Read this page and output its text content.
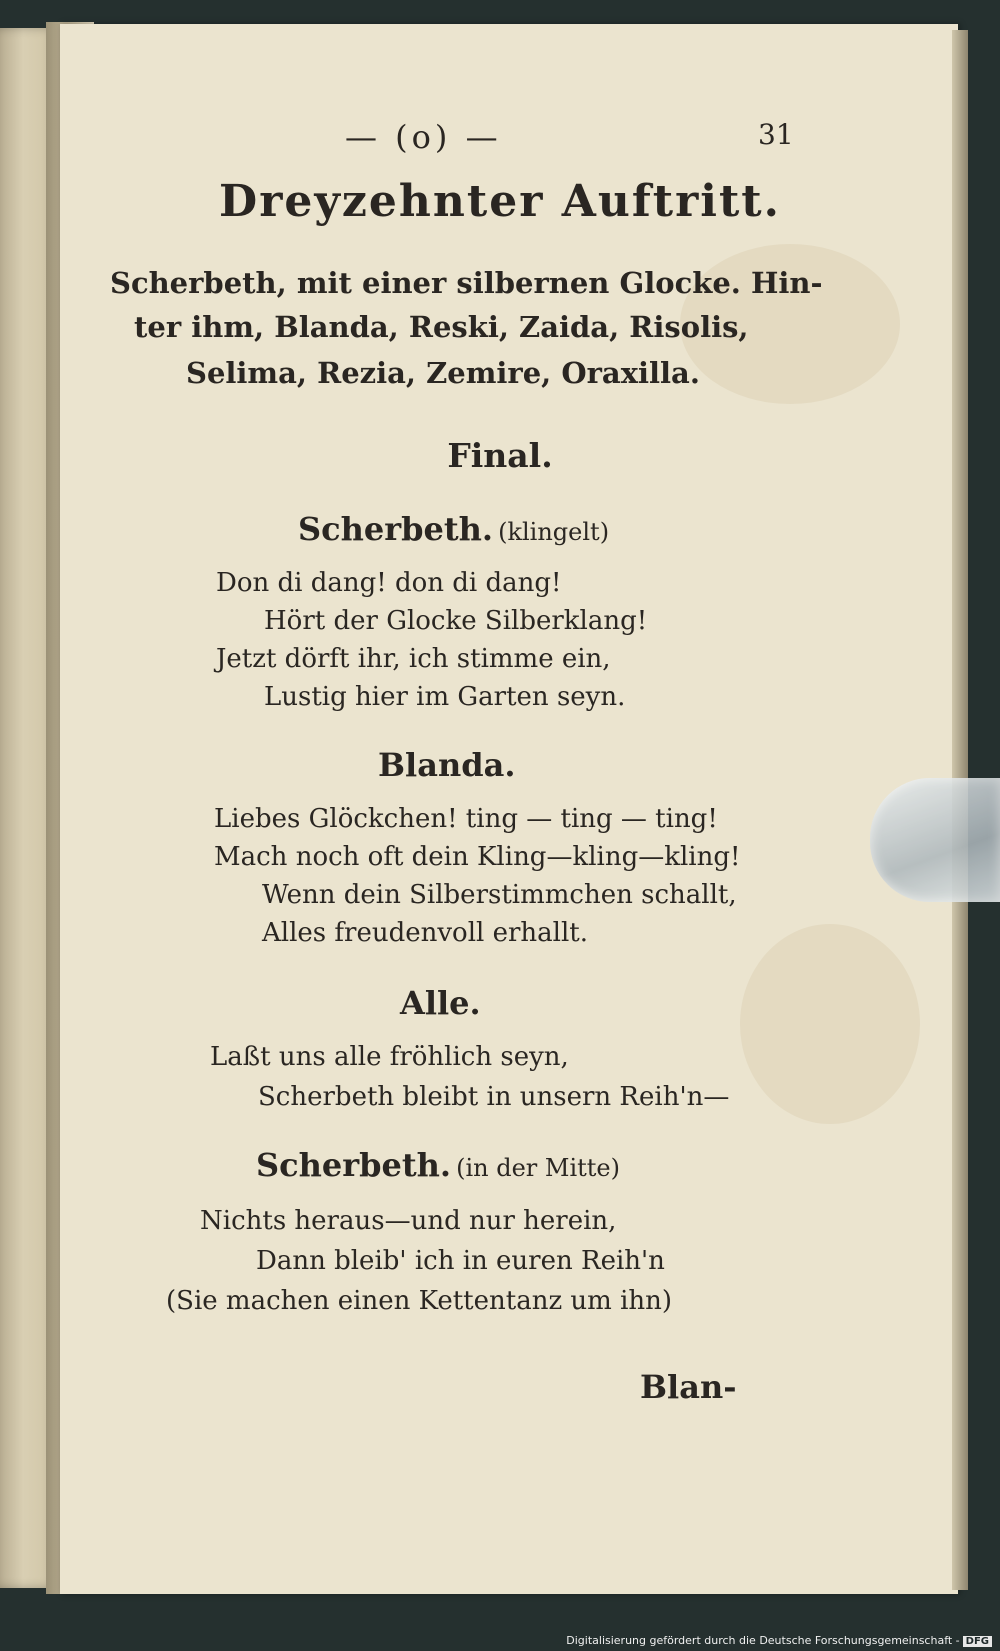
— (o) —	31
Dreyzehnter Auftritt.
Scherbeth, mit einer silbernen Glocke. Hin-
ter ihm, Blanda, Reski, Zaida, Risolis,
Selima, Rezia, Zemire, Oraxilla.
Final.
Scherbeth. (klingelt)
Don di dang! don di dang!
Hört der Glocke Silberklang!
Jetzt dörft ihr, ich stimme ein,
Lustig hier im Garten seyn.
Blanda.
Liebes Glöckchen! ting — ting — ting!
Mach noch oft dein Kling—kling—kling!
Wenn dein Silberstimmchen schallt,
Alles freudenvoll erhallt.
Alle.
Laßt uns alle fröhlich seyn,
Scherbeth bleibt in unsern Reih'n—
Scherbeth. (in der Mitte)
Nichts heraus—und nur herein,
Dann bleib' ich in euren Reih'n
(Sie machen einen Kettentanz um ihn)
Blan-
Digitalisierung gefördert durch die Deutsche Forschungsgemeinschaft - DFG
